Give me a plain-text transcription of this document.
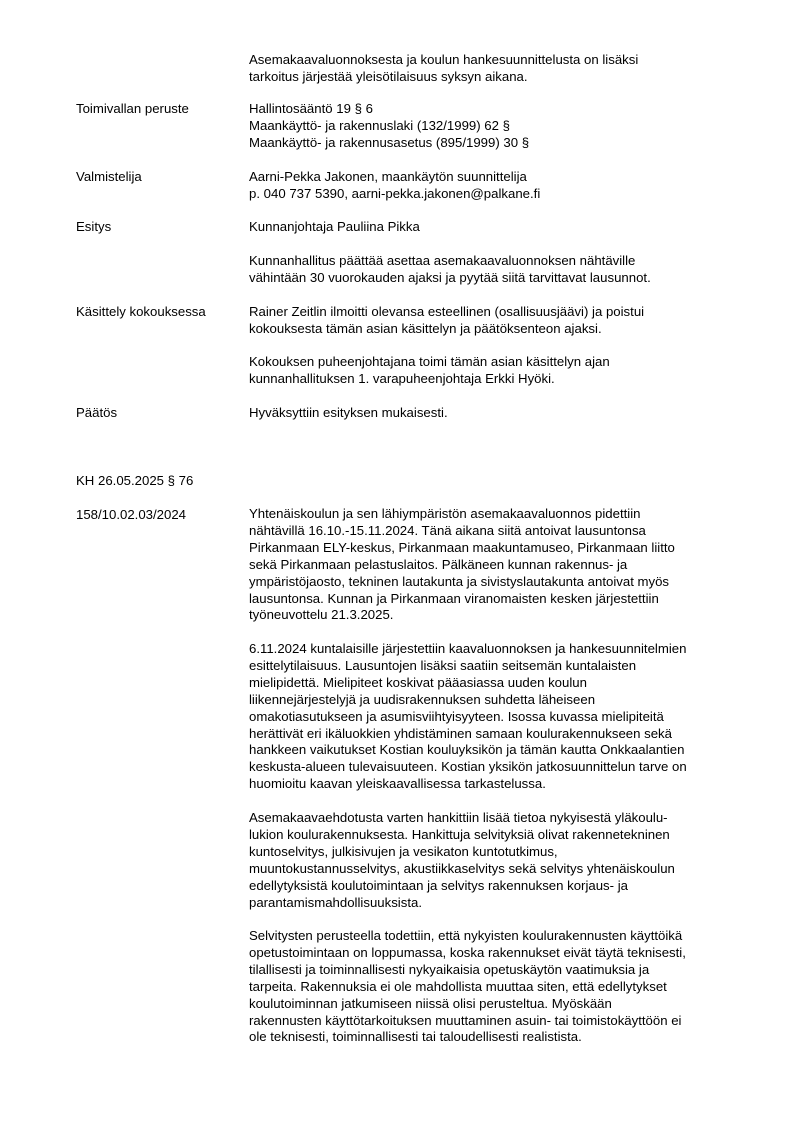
Asemakaavaluonnoksesta ja koulun hankesuunnittelusta on lisäksi
tarkoitus järjestää yleisötilaisuus syksyn aikana.
Toimivallan peruste	Hallintosääntö 19 § 6
Maankäyttö- ja rakennuslaki (132/1999) 62 §
Maankäyttö- ja rakennusasetus (895/1999) 30 §
Valmistelija	Aarni-Pekka Jakonen, maankäytön suunnittelija
p. 040 737 5390, aarni-pekka.jakonen@palkane.fi
Esitys	Kunnanjohtaja Pauliina Pikka
Kunnanhallitus päättää asettaa asemakaavaluonnoksen nähtäville
vähintään 30 vuorokauden ajaksi ja pyytää siitä tarvittavat lausunnot.
Käsittely kokouksessa	Rainer Zeitlin ilmoitti olevansa esteellinen (osallisuusjäävi) ja poistui
kokouksesta tämän asian käsittelyn ja päätöksenteon ajaksi.
Kokouksen puheenjohtajana toimi tämän asian käsittelyn ajan
kunnanhallituksen 1. varapuheenjohtaja Erkki Hyöki.
Päätös	Hyväksyttiin esityksen mukaisesti.

KH 26.05.2025 § 76

158/10.02.03/2024	Yhtenäiskoulun ja sen lähiympäristön asemakaavaluonnos pidettiin
nähtävillä 16.10.-15.11.2024. Tänä aikana siitä antoivat lausuntonsa
Pirkanmaan ELY-keskus, Pirkanmaan maakuntamuseo, Pirkanmaan liitto
sekä Pirkanmaan pelastuslaitos. Pälkäneen kunnan rakennus- ja
ympäristöjaosto, tekninen lautakunta ja sivistyslautakunta antoivat myös
lausuntonsa. Kunnan ja Pirkanmaan viranomaisten kesken järjestettiin
työneuvottelu 21.3.2025.
6.11.2024 kuntalaisille järjestettiin kaavaluonnoksen ja hankesuunnitelmien
esittelytilaisuus. Lausuntojen lisäksi saatiin seitsemän kuntalaisten
mielipidettä. Mielipiteet koskivat pääasiassa uuden koulun
liikennejärjestelyjä ja uudisrakennuksen suhdetta läheiseen
omakotiasutukseen ja asumisviihtyisyyteen. Isossa kuvassa mielipiteitä
herättivät eri ikäluokkien yhdistäminen samaan koulurakennukseen sekä
hankkeen vaikutukset Kostian kouluyksikön ja tämän kautta Onkkaalantien
keskusta-alueen tulevaisuuteen. Kostian yksikön jatkosuunnittelun tarve on
huomioitu kaavan yleiskaavallisessa tarkastelussa.
Asemakaavaehdotusta varten hankittiin lisää tietoa nykyisestä yläkoulu-
lukion koulurakennuksesta. Hankittuja selvityksiä olivat rakennetekninen
kuntoselvitys, julkisivujen ja vesikaton kuntotutkimus,
muuntokustannusselvitys, akustiikkaselvitys sekä selvitys yhtenäiskoulun
edellytyksistä koulutoimintaan ja selvitys rakennuksen korjaus- ja
parantamismahdollisuuksista.
Selvitysten perusteella todettiin, että nykyisten koulurakennusten käyttöikä
opetustoimintaan on loppumassa, koska rakennukset eivät täytä teknisesti,
tilallisesti ja toiminnallisesti nykyaikaisia opetuskäytön vaatimuksia ja
tarpeita. Rakennuksia ei ole mahdollista muuttaa siten, että edellytykset
koulutoiminnan jatkumiseen niissä olisi perusteltua. Myöskään
rakennusten käyttötarkoituksen muuttaminen asuin- tai toimistokäyttöön ei
ole teknisesti, toiminnallisesti tai taloudellisesti realistista.
